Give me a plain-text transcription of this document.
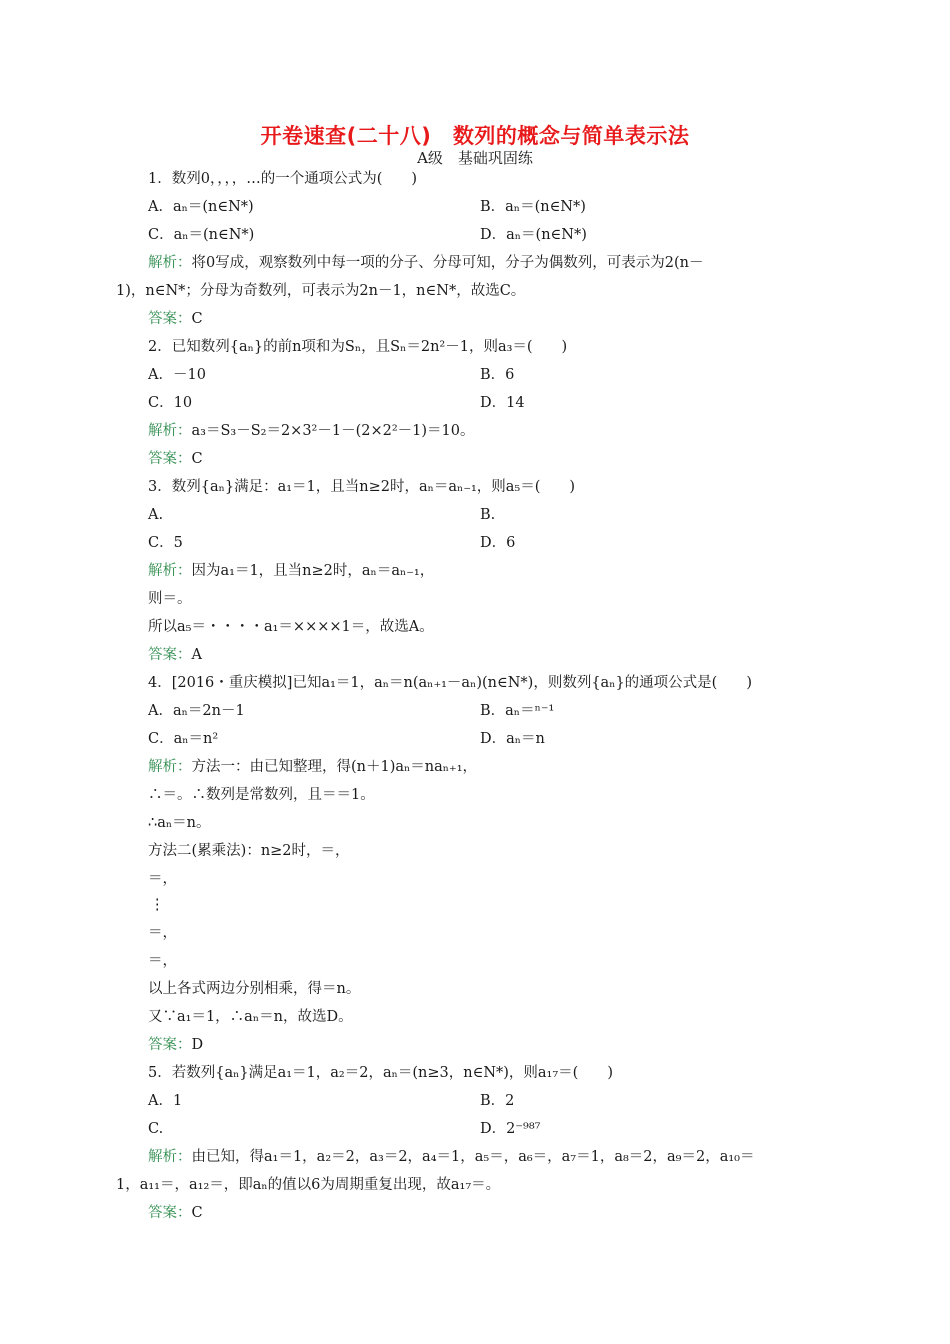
开卷速查(二十八)　数列的概念与简单表示法
A级　基础巩固练
1．数列0，，，，…的一个通项公式为(　　)
A．aₙ＝(n∈N*)	B．aₙ＝(n∈N*)
C．aₙ＝(n∈N*)	D．aₙ＝(n∈N*)
解析：将0写成，观察数列中每一项的分子、分母可知，分子为偶数列，可表示为2(n－
1)，n∈N*；分母为奇数列，可表示为2n－1，n∈N*，故选C。
答案：C
2．已知数列{aₙ}的前n项和为Sₙ，且Sₙ＝2n²－1，则a₃＝(　　)
A．－10	B．6
C．10	D．14
解析：a₃＝S₃－S₂＝2×3²－1－(2×2²－1)＝10。
答案：C
3．数列{aₙ}满足：a₁＝1，且当n≥2时，aₙ＝aₙ₋₁，则a₅＝(　　)
A.	B.
C．5	D．6
解析：因为a₁＝1，且当n≥2时，aₙ＝aₙ₋₁，
则＝。
所以a₅＝・・・・a₁＝××××1＝，故选A。
答案：A
4．[2016・重庆模拟]已知a₁＝1，aₙ＝n(aₙ₊₁－aₙ)(n∈N*)，则数列{aₙ}的通项公式是(　　)
A．aₙ＝2n－1	B．aₙ＝ⁿ⁻¹
C．aₙ＝n²	D．aₙ＝n
解析：方法一：由已知整理，得(n＋1)aₙ＝naₙ₊₁，
∴＝。∴数列是常数列，且＝＝1。
∴aₙ＝n。
方法二(累乘法)：n≥2时，＝，
＝，
⋮
＝，
＝，
以上各式两边分别相乘，得＝n。
又∵a₁＝1，∴aₙ＝n，故选D。
答案：D
5．若数列{aₙ}满足a₁＝1，a₂＝2，aₙ＝(n≥3，n∈N*)，则a₁₇＝(　　)
A．1	B．2
C.	D．2⁻⁹⁸⁷
解析：由已知，得a₁＝1，a₂＝2，a₃＝2，a₄＝1，a₅＝，a₆＝，a₇＝1，a₈＝2，a₉＝2，a₁₀＝
1，a₁₁＝，a₁₂＝，即aₙ的值以6为周期重复出现，故a₁₇＝。
答案：C
